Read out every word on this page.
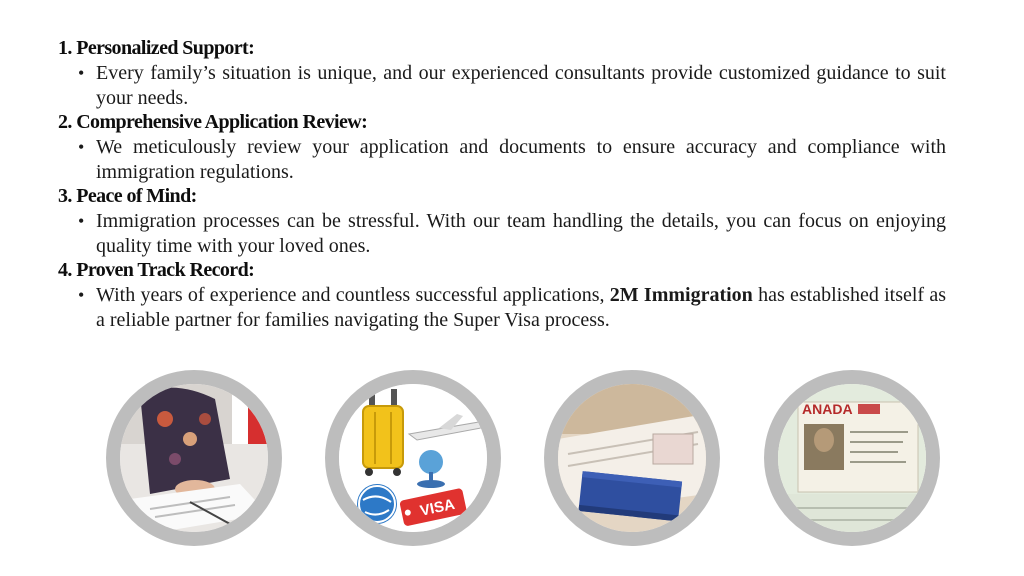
1. Personalized Support:
• Every family’s situation is unique, and our experienced consultants provide customized guidance to suit your needs.
2. Comprehensive Application Review:
• We meticulously review your application and documents to ensure accuracy and compliance with immigration regulations.
3. Peace of Mind:
• Immigration processes can be stressful. With our team handling the details, you can focus on enjoying quality time with your loved ones.
4. Proven Track Record:
• With years of experience and countless successful applications, 2M Immigration has established itself as a reliable partner for families navigating the Super Visa process.
VISA
ANADA
